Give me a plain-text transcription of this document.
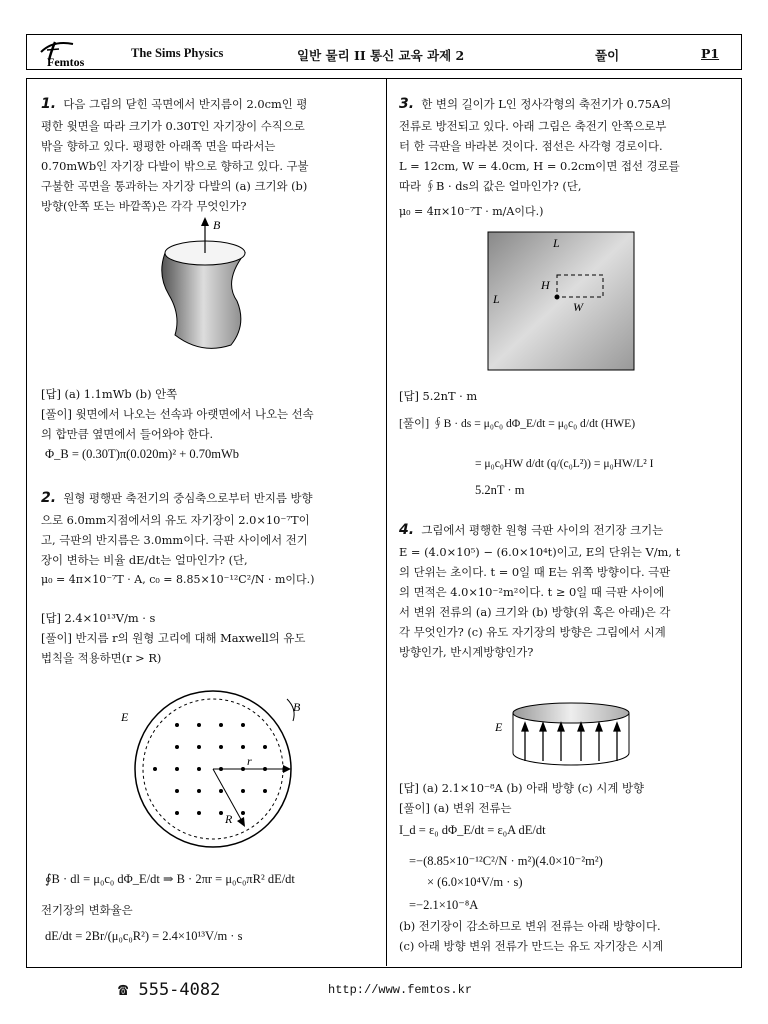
Femtos
The Sims Physics	일반 물리 II 통신 교육 과제 2	풀이	P1
1. 다음 그림의 닫힌 곡면에서 반지름이 2.0cm인 평
평한 윗면을 따라 크기가 0.30T인 자기장이 수직으로
밖을 향하고 있다. 평평한 아래쪽 면을 따라서는
0.70mWb인 자기장 다발이 밖으로 향하고 있다. 구불
구불한 곡면을 통과하는 자기장 다발의 (a) 크기와 (b)
방향(안쪽 또는 바깥쪽)은 각각 무엇인가?
B
[답] (a) 1.1mWb (b) 안쪽
[풀이] 윗면에서 나오는 선속과 아랫면에서 나오는 선속
의 합만큼 옆면에서 들어와야 한다.
Φ_B = (0.30T)π(0.020m)² + 0.70mWb
2. 원형 평행판 축전기의 중심축으로부터 반지름 방향
으로 6.0mm지점에서의 유도 자기장이 2.0×10⁻⁷T이
고, 극판의 반지름은 3.0mm이다. 극판 사이에서 전기
장이 변하는 비율 dE/dt는 얼마인가? (단,
μ₀ = 4π×10⁻⁷T · A, c₀ = 8.85×10⁻¹²C²/N · m이다.)
[답] 2.4×10¹³V/m · s
[풀이] 반지름 r의 원형 고리에 대해 Maxwell의 유도
법칙을 적용하면(r > R)
r
R
B
E
∮B · dl = μ₀c₀ dΦ_E/dt ⇒ B · 2πr = μ₀c₀πR² dE/dt
전기장의 변화율은
dE/dt = 2Br/(μ₀c₀R²) = 2.4×10¹³V/m · s
3. 한 변의 길이가 L인 정사각형의 축전기가 0.75A의
전류로 방전되고 있다. 아래 그림은 축전기 안쪽으로부
터 한 극판을 바라본 것이다. 점선은 사각형 경로이다.
L = 12cm, W = 4.0cm, H = 0.2cm이면 접선 경로를
따라 ∮B · ds의 값은 얼마인가? (단,
μ₀ = 4π×10⁻⁷T · m/A이다.)
L
L
H
W
[답] 5.2nT · m
[풀이] ∮B · ds = μ₀c₀ dΦ_E/dt = μ₀c₀ d/dt (HWE)
= μ₀c₀HW d/dt (q/(c₀L²)) = μ₀HW/L² I
5.2nT · m
4. 그림에서 평행한 원형 극판 사이의 전기장 크기는
E = (4.0×10⁵) − (6.0×10⁴t)이고, E의 단위는 V/m, t
의 단위는 초이다. t = 0일 때 E는 위쪽 방향이다. 극판
의 면적은 4.0×10⁻²m²이다. t ≥ 0일 때 극판 사이에
서 변위 전류의 (a) 크기와 (b) 방향(위 혹은 아래)은 각
각 무엇인가? (c) 유도 자기장의 방향은 그림에서 시계
방향인가, 반시계방향인가?
E
[답] (a) 2.1×10⁻⁸A (b) 아래 방향 (c) 시계 방향
[풀이] (a) 변위 전류는
I_d = ε₀ dΦ_E/dt = ε₀A dE/dt
=−(8.85×10⁻¹²C²/N · m²)(4.0×10⁻²m²)
× (6.0×10⁴V/m · s)
=−2.1×10⁻⁸A
(b) 전기장이 감소하므로 변위 전류는 아래 방향이다.
(c) 아래 방향 변위 전류가 만드는 유도 자기장은 시계
☎ 555-4082	http://www.femtos.kr
